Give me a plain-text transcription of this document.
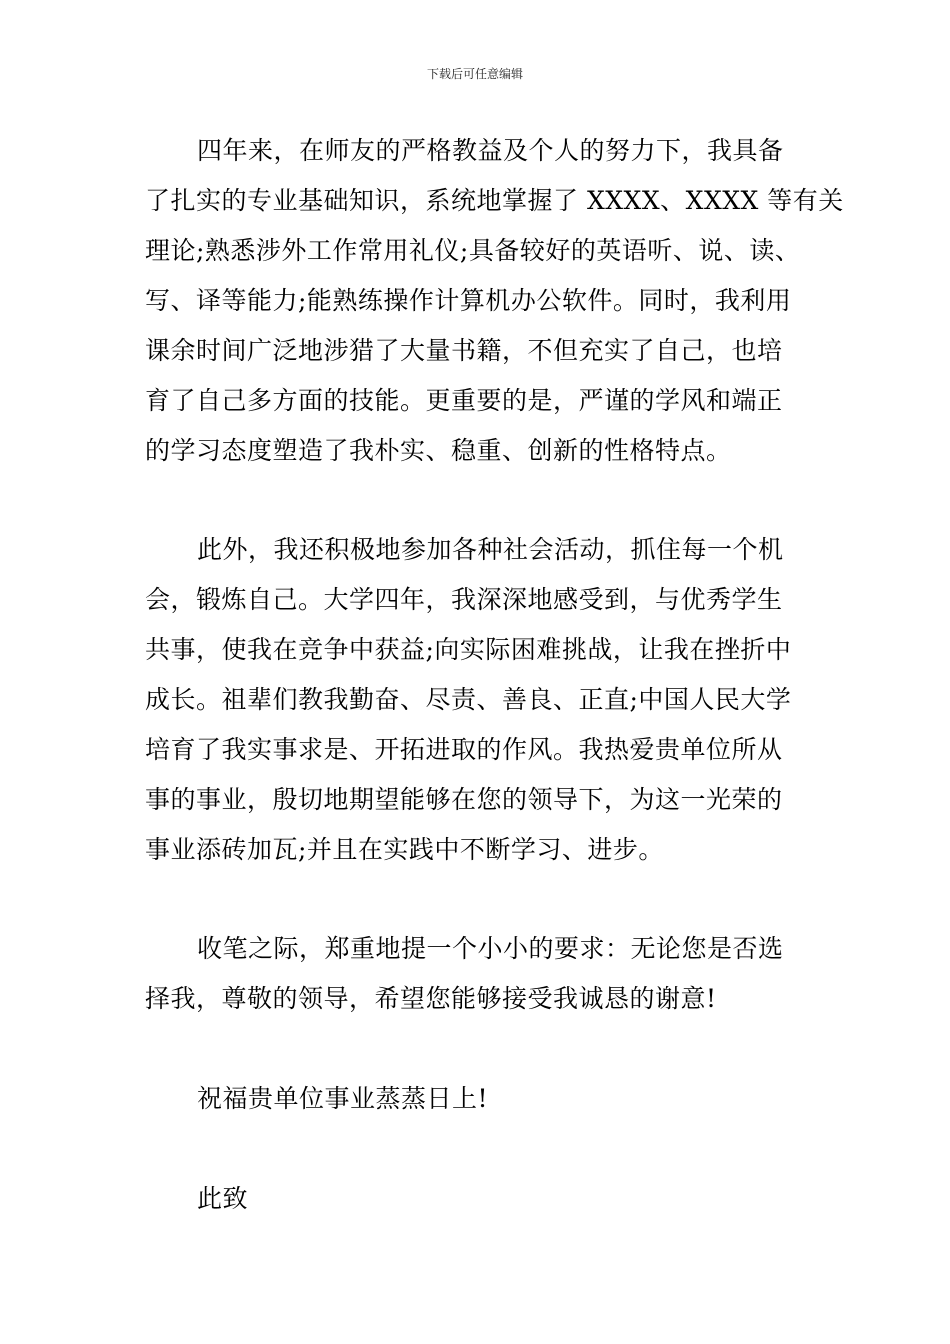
下载后可任意编辑
四年来，在师友的严格教益及个人的努力下，我具备
了扎实的专业基础知识，系统地掌握了 XXXX、XXXX 等有关
理论;熟悉涉外工作常用礼仪;具备较好的英语听、说、读、
写、译等能力;能熟练操作计算机办公软件。同时，我利用
课余时间广泛地涉猎了大量书籍，不但充实了自己，也培
育了自己多方面的技能。更重要的是，严谨的学风和端正
的学习态度塑造了我朴实、稳重、创新的性格特点。
此外，我还积极地参加各种社会活动，抓住每一个机
会，锻炼自己。大学四年，我深深地感受到，与优秀学生
共事，使我在竞争中获益;向实际困难挑战，让我在挫折中
成长。祖辈们教我勤奋、尽责、善良、正直;中国人民大学
培育了我实事求是、开拓进取的作风。我热爱贵单位所从
事的事业，殷切地期望能够在您的领导下，为这一光荣的
事业添砖加瓦;并且在实践中不断学习、进步。
收笔之际，郑重地提一个小小的要求：无论您是否选
择我，尊敬的领导，希望您能够接受我诚恳的谢意!
祝福贵单位事业蒸蒸日上!
此致
